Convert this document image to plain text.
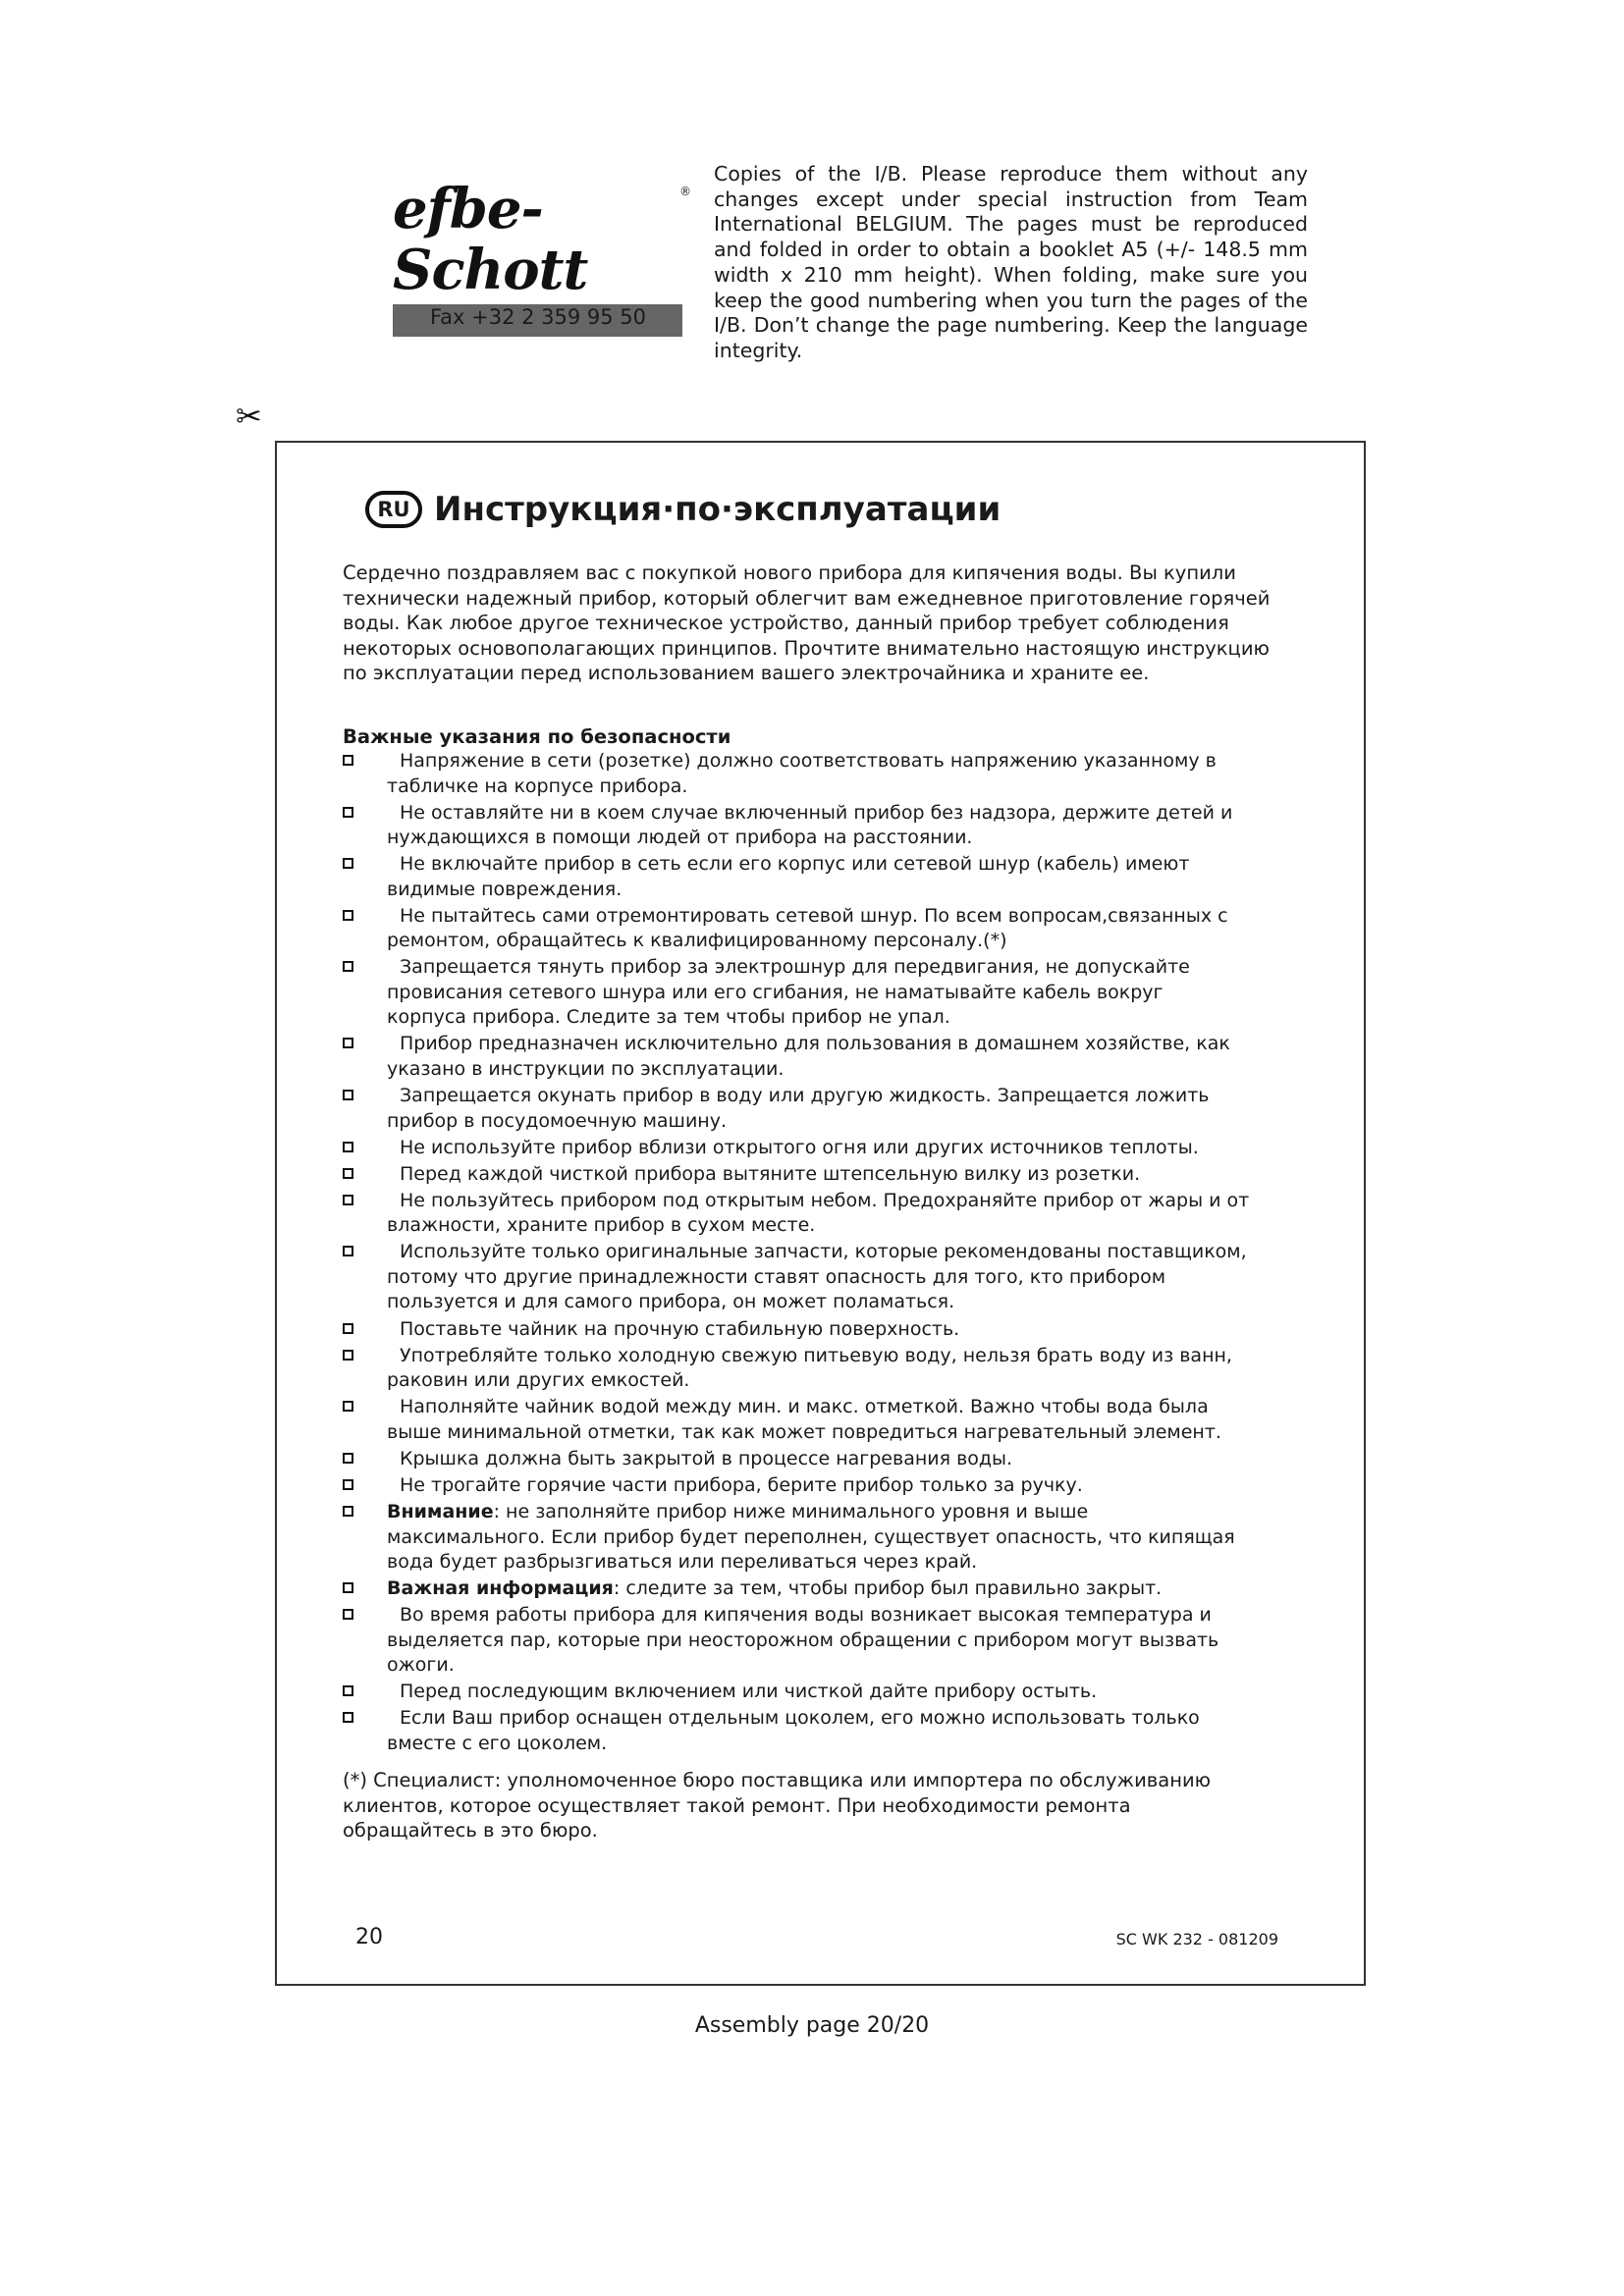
efbe-Schott
®
Fax +32 2 359 95 50
Copies of the I/B. Please reproduce them without any changes except under special instruction from Team International BELGIUM. The pages must be reproduced and folded in order to obtain a booklet A5 (+/- 148.5 mm width x 210 mm height). When folding, make sure you keep the good numbering when you turn the pages of the I/B. Don’t change the page numbering. Keep the language integrity.
✂
RU Инструкция·по·эксплуатации

Сердечно поздравляем вас с покупкой нового прибора для кипячения воды. Вы купили

технически надежный прибор, который облегчит вам ежедневное приготовление горячей

воды. Как любое другое техническое устройство, данный прибор требует соблюдения

некоторых основополагающих принципов. Прочтите внимательно настоящую инструкцию

по эксплуатации перед использованием вашего электрочайника и храните ее.

Важные указания по безопасности
Напряжение в сети (розетке) должно соответствовать напряжению указанному в
табличке на корпусе прибора.
Не оставляйте ни в коем случае включенный прибор без надзора, держите детей и
нуждающихся в помощи людей от прибора на расстоянии.
Не включайте прибор в сеть если его корпус или сетевой шнур (кабель) имеют
видимые повреждения.
Не пытайтесь сами отремонтировать сетевой шнур. По всем вопросам,связанных с
ремонтом, обращайтесь к квалифицированному персоналу.(*)
Запрещается тянуть прибор за электрошнур для передвигания, не допускайте
провисания сетевого шнура или его сгибания, не наматывайте кабель вокруг
корпуса прибора. Следите за тем чтобы прибор не упал.
Прибор предназначен исключительно для пользования в домашнем хозяйстве, как
указано в инструкции по эксплуатации.
Запрещается окунать прибор в воду или другую жидкость. Запрещается ложить
прибор в посудомоечную машину.
Не используйте прибор вблизи открытого огня или других источников теплоты.
Перед каждой чисткой прибора вытяните штепсельную вилку из розетки.
Не пользуйтесь прибором под открытым небом. Предохраняйте прибор от жары и от
влажности, храните прибор в сухом месте.
Используйте только оригинальные запчасти, которые рекомендованы поставщиком,
потому что другие принадлежности ставят опасность для того, кто прибором
пользуется и для самого прибора, он может поламаться.
Поставьте чайник на прочную стабильную поверхность.
Употребляйте только холодную свежую питьевую воду, нельзя брать воду из ванн,
раковин или других емкостей.
Наполняйте чайник водой между мин. и макс. отметкой. Важно чтобы вода была
выше минимальной отметки, так как может повредиться нагревательный элемент.
Крышка должна быть закрытой в процессе нагревания воды.
Не трогайте горячие части прибора, берите прибор только за ручку.
Внимание: не заполняйте прибор ниже минимального уровня и выше
максимального. Если прибор будет переполнен, существует опасность, что кипящая
вода будет разбрызгиваться или переливаться через край.
Важная информация: следите за тем, чтобы прибор был правильно закрыт.
Во время работы прибора для кипячения воды возникает высокая температура и
выделяется пар, которые при неосторожном обращении с прибором могут вызвать
ожоги.
Перед последующим включением или чисткой дайте прибору остыть.
Если Ваш прибор оснащен отдельным цоколем, его можно использовать только
вместе с его цоколем.

(*) Специалист: уполномоченное бюро поставщика или импортера по обслуживанию

клиентов, которое осуществляет такой ремонт. При необходимости ремонта

обращайтесь в это бюро.

20	SC WK 232 - 081209
Assembly page 20/20
